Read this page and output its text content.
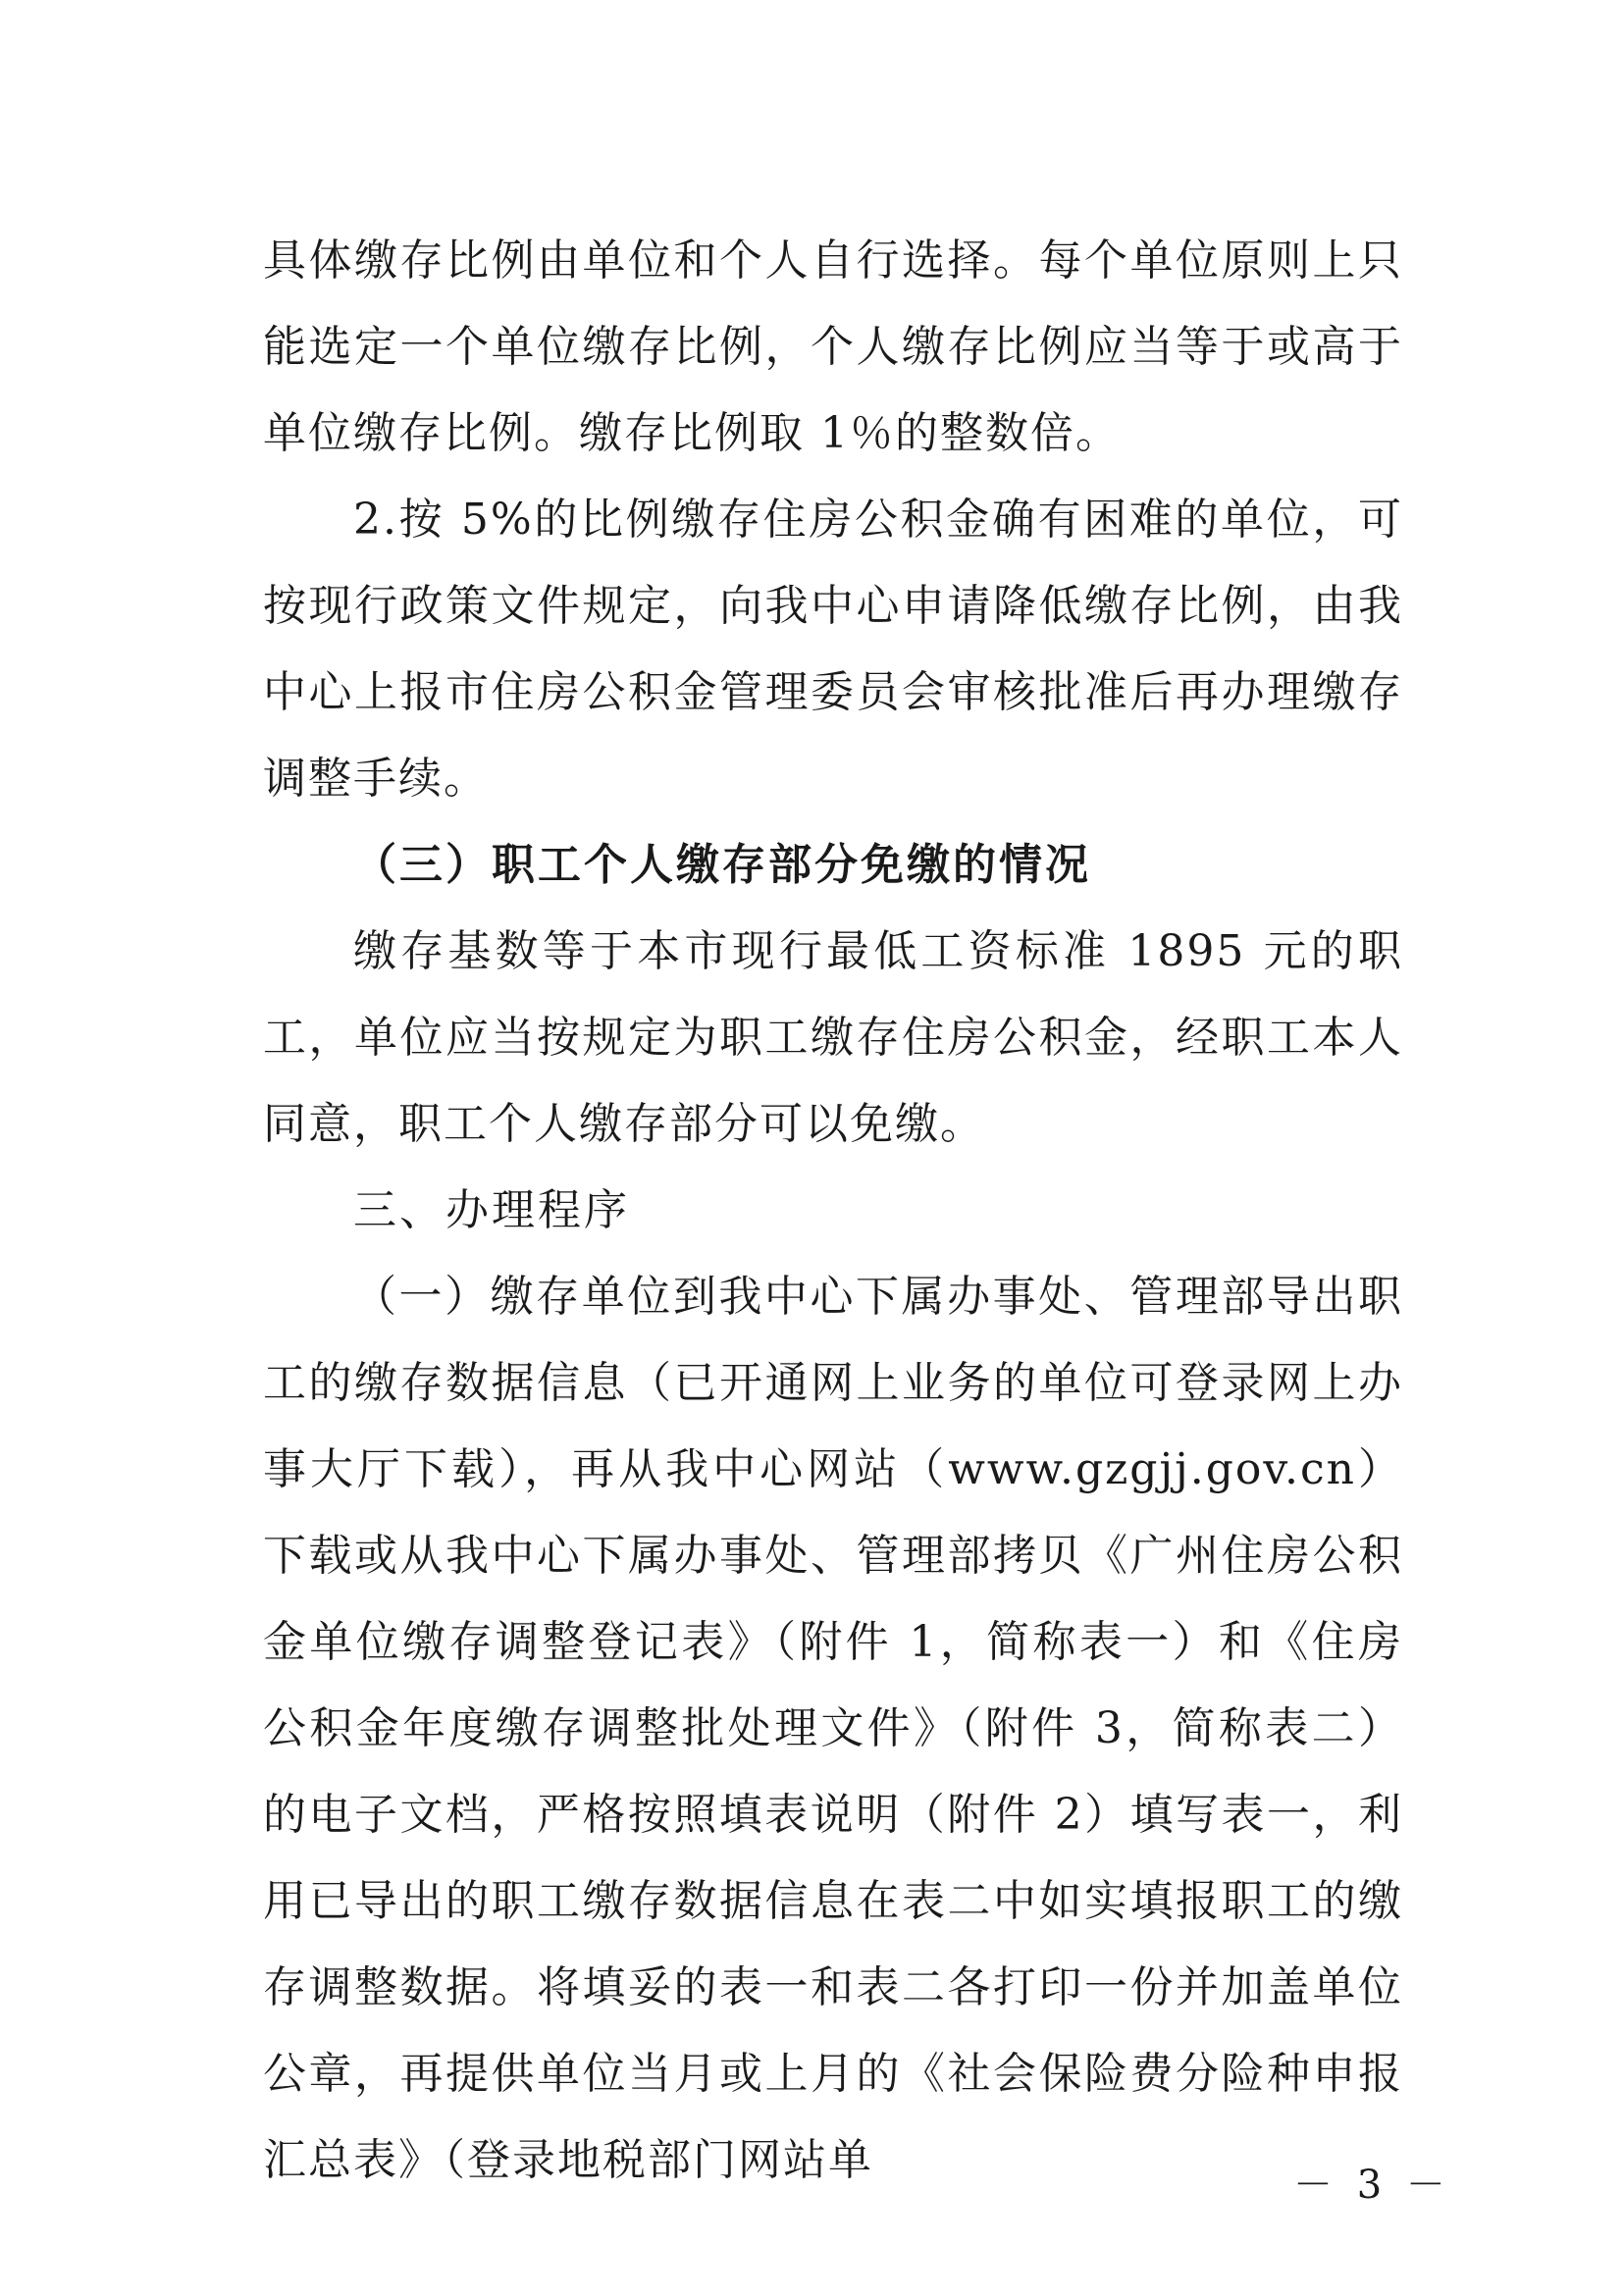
具体缴存比例由单位和个人自行选择。每个单位原则上只能选定一个单位缴存比例，个人缴存比例应当等于或高于单位缴存比例。缴存比例取 1％的整数倍。

2.按 5%的比例缴存住房公积金确有困难的单位，可按现行政策文件规定，向我中心申请降低缴存比例，由我中心上报市住房公积金管理委员会审核批准后再办理缴存调整手续。

（三）职工个人缴存部分免缴的情况

缴存基数等于本市现行最低工资标准 1895 元的职工，单位应当按规定为职工缴存住房公积金，经职工本人同意，职工个人缴存部分可以免缴。

三、办理程序

（一）缴存单位到我中心下属办事处、管理部导出职工的缴存数据信息（已开通网上业务的单位可登录网上办事大厅下载），再从我中心网站（www.gzgjj.gov.cn）下载或从我中心下属办事处、管理部拷贝《广州住房公积金单位缴存调整登记表》（附件 1，简称表一）和《住房公积金年度缴存调整批处理文件》（附件 3，简称表二）的电子文档，严格按照填表说明（附件 2）填写表一，利用已导出的职工缴存数据信息在表二中如实填报职工的缴存调整数据。将填妥的表一和表二各打印一份并加盖单位公章，再提供单位当月或上月的《社会保险费分险种申报汇总表》（登录地税部门网站单	－ 3 －
